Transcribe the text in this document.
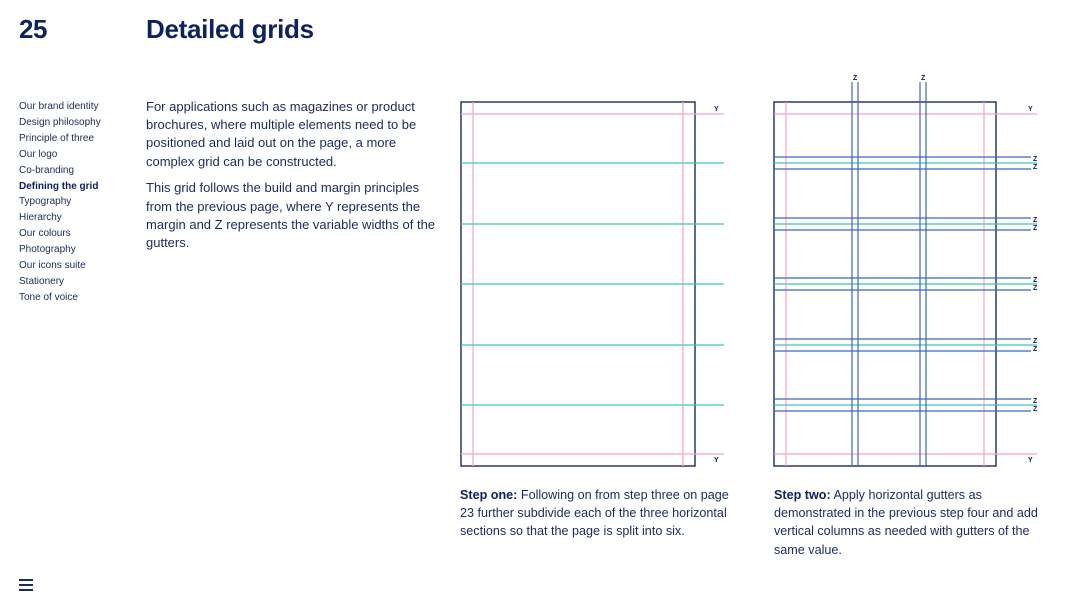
25	Detailed grids
Our brand identity
Design philosophy
Principle of three
Our logo
Co-branding
Defining the grid
Typography
Hierarchy
Our colours
Photography
Our icons suite
Stationery
Tone of voice

For applications such as magazines or product brochures, where multiple elements need to be positioned and laid out on the page, a more complex grid can be constructed.

This grid follows the build and margin principles from the previous page, where Y represents the margin and Z represents the variable widths of the gutters.

Y
Y
Y
Y
Z	Z
Z
Z
Z
Z
Z
Z
Z
Z
Z
Z
Step one: Following on from step three on page 23 further subdivide each of the three horizontal sections so that the page is split into six.
Step two: Apply horizontal gutters as demonstrated in the previous step four and add vertical columns as needed with gutters of the same value.
